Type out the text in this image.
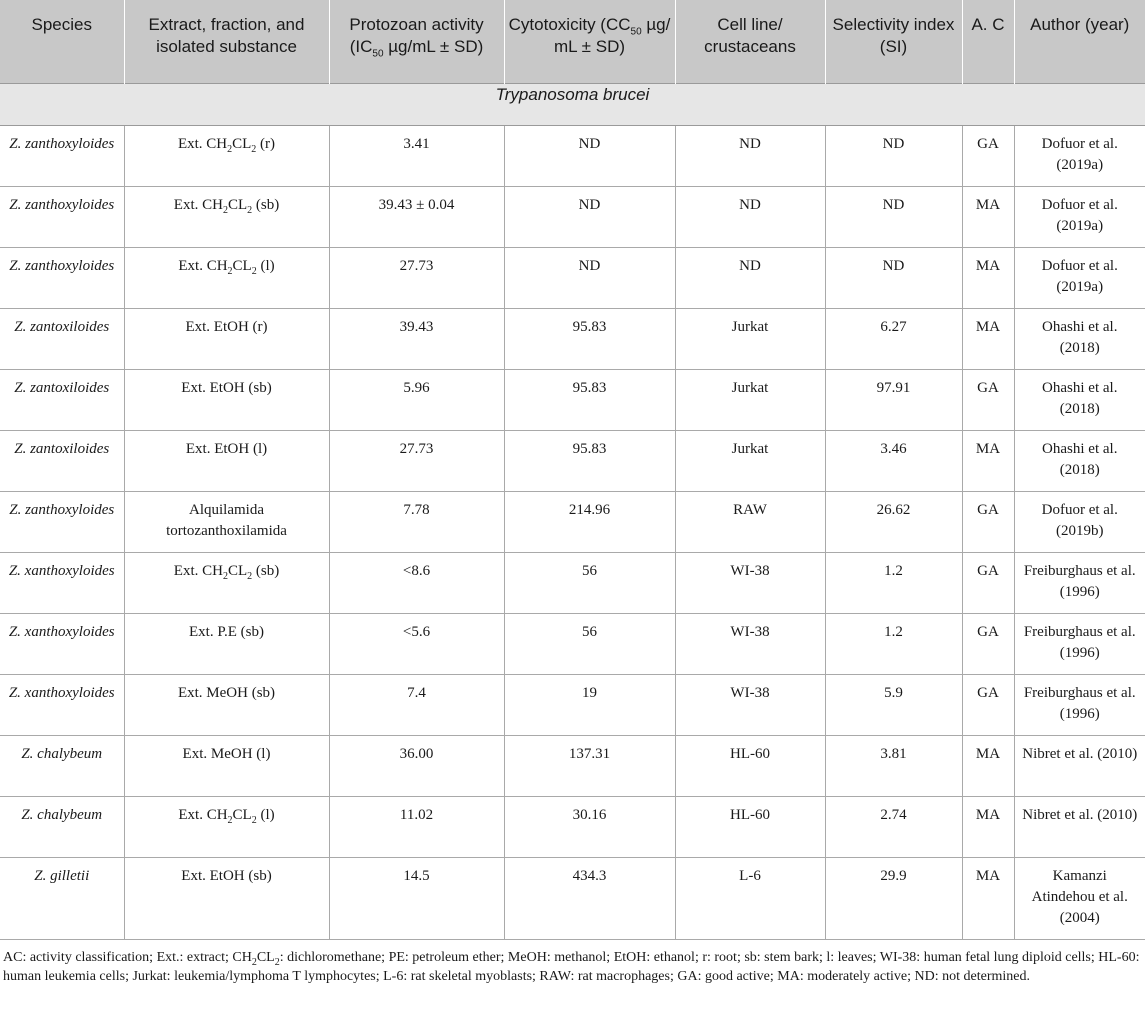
Species	Extract, fraction, and isolated substance	Protozoan activity ($IC_{50}$ µg/mL ± SD)	Cytotoxicity ($CC_{50}$ µg/ mL ± SD)	Cell line/ crustaceans	Selectivity index (SI)	A. C	Author (year)
Trypanosoma brucei							
Z. zanthoxyloides	Ext. $CH_2CL_2$ (r)	3.41	ND	ND	ND	GA	Dofuor et al. (2019a)
Z. zanthoxyloides	Ext. $CH_2CL_2$ (sb)	39.43 ± 0.04	ND	ND	ND	MA	Dofuor et al. (2019a)
Z. zanthoxyloides	Ext. $CH_2CL_2$ (l)	27.73	ND	ND	ND	MA	Dofuor et al. (2019a)
Z. zantoxiloides	Ext. EtOH (r)	39.43	95.83	Jurkat	6.27	MA	Ohashi et al. (2018)
Z. zantoxiloides	Ext. EtOH (sb)	5.96	95.83	Jurkat	97.91	GA	Ohashi et al. (2018)
Z. zantoxiloides	Ext. EtOH (l)	27.73	95.83	Jurkat	3.46	MA	Ohashi et al. (2018)
Z. zanthoxyloides	Alquilamida tortozanthoxilamida	7.78	214.96	RAW	26.62	GA	Dofuor et al. (2019b)
Z. xanthoxyloides	Ext. $CH_2CL_2$ (sb)	<8.6	56	WI-38	1.2	GA	Freiburghaus et al. (1996)
Z. xanthoxyloides	Ext. P.E (sb)	<5.6	56	WI-38	1.2	GA	Freiburghaus et al. (1996)
Z. xanthoxyloides	Ext. MeOH (sb)	7.4	19	WI-38	5.9	GA	Freiburghaus et al. (1996)
Z. chalybeum	Ext. MeOH (l)	36.00	137.31	HL-60	3.81	MA	Nibret et al. (2010)
Z. chalybeum	Ext. $CH_2CL_2$ (l)	11.02	30.16	HL-60	2.74	MA	Nibret et al. (2010)
Z. gilletii	Ext. EtOH (sb)	14.5	434.3	L-6	29.9	MA	Kamanzi Atindehou et al. (2004)
AC: activity classification; Ext.: extract; $CH_2CL_2$: dichloromethane; PE: petroleum ether; MeOH: methanol; EtOH: ethanol; r: root; sb: stem bark; l: leaves; WI-38: human fetal lung diploid cells; HL-60: human leukemia cells; Jurkat: leukemia/lymphoma T lymphocytes; L-6: rat skeletal myoblasts; RAW: rat macrophages; GA: good active; MA: moderately active; ND: not determined.
